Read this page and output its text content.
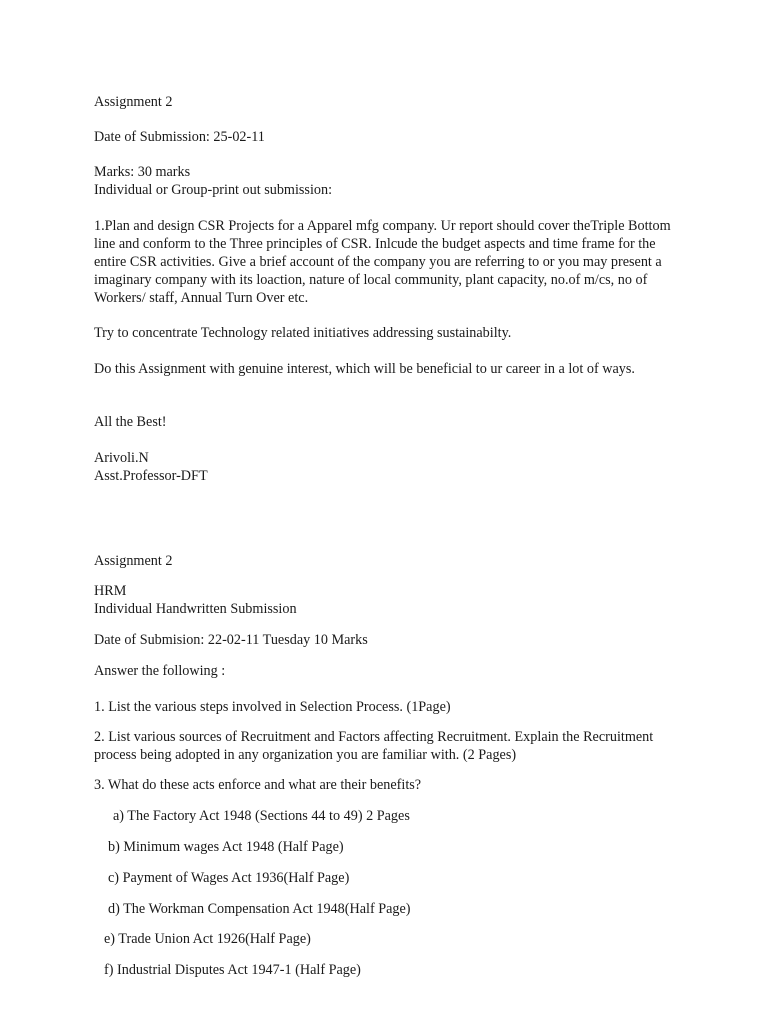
Assignment 2
Date of Submission: 25-02-11
Marks: 30 marks
Individual or Group-print out submission:
1.Plan and design CSR Projects for a Apparel mfg company. Ur report should cover theTriple Bottom line and conform to the Three principles of CSR. Inlcude the budget aspects and time frame for the entire CSR activities. Give a brief account of the company you are referring to or you may present a imaginary company with its loaction, nature of local community, plant capacity, no.of m/cs, no of Workers/ staff, Annual Turn Over etc.
Try to concentrate Technology related initiatives addressing sustainabilty.
Do this Assignment with genuine interest, which will be beneficial to ur career in a lot of ways.
All the Best!
Arivoli.N
Asst.Professor-DFT
Assignment 2
HRM
Individual Handwritten Submission
Date of Submision: 22-02-11 Tuesday 10 Marks
Answer the following :
1. List the various steps involved in Selection Process. (1Page)
2. List various sources of Recruitment and Factors affecting Recruitment. Explain the Recruitment process being adopted in any organization you are familiar with. (2 Pages)
3. What do these acts enforce and what are their benefits?
a) The Factory Act 1948 (Sections 44 to 49) 2 Pages
b) Minimum wages Act 1948 (Half Page)
c) Payment of Wages Act 1936(Half Page)
d) The Workman Compensation Act 1948(Half Page)
e) Trade Union Act 1926(Half Page)
f) Industrial Disputes Act 1947-1 (Half Page)
